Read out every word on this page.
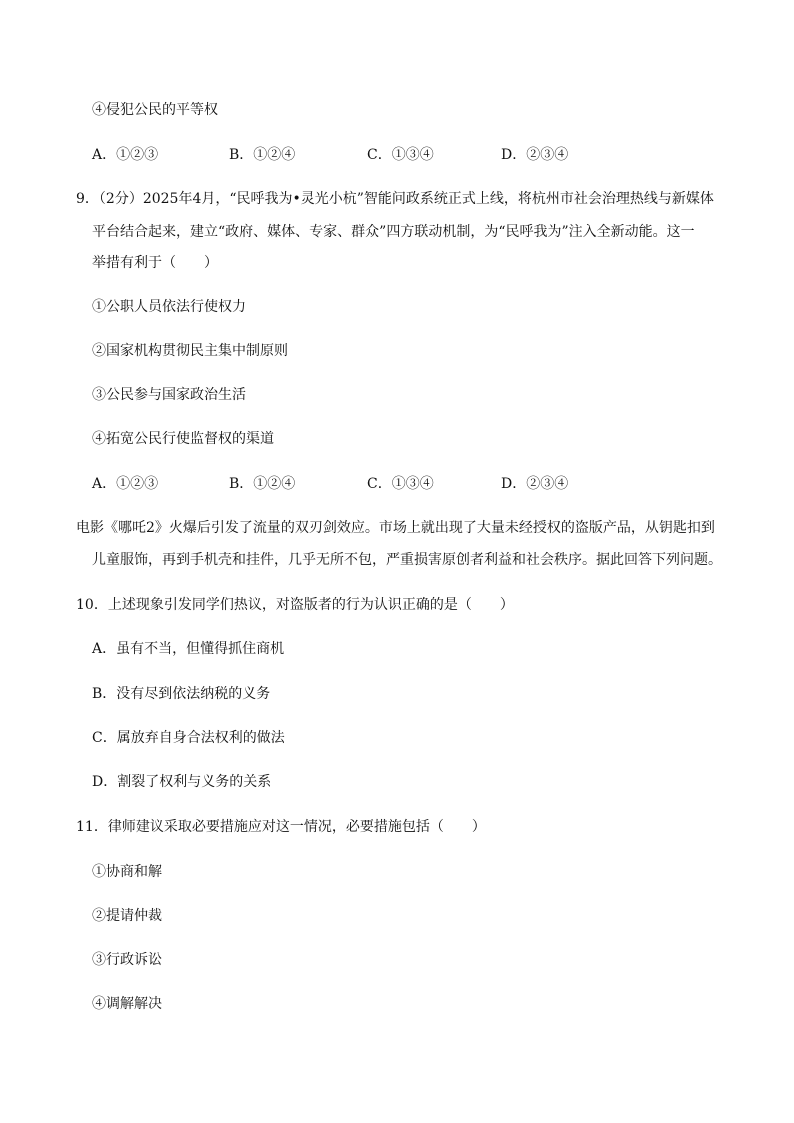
④侵犯公民的平等权
A．①②③	B．①②④	C．①③④	D．②③④
9．（2分）2025年4月，“民呼我为•灵光小杭”智能问政系统正式上线，将杭州市社会治理热线与新媒体
平台结合起来，建立“政府、媒体、专家、群众”四方联动机制，为“民呼我为”注入全新动能。这一
举措有利于（　　）
①公职人员依法行使权力
②国家机构贯彻民主集中制原则
③公民参与国家政治生活
④拓宽公民行使监督权的渠道
A．①②③	B．①②④	C．①③④	D．②③④
电影《哪吒2》火爆后引发了流量的双刃剑效应。市场上就出现了大量未经授权的盗版产品，从钥匙扣到
儿童服饰，再到手机壳和挂件，几乎无所不包，严重损害原创者利益和社会秩序。据此回答下列问题。
10．上述现象引发同学们热议，对盗版者的行为认识正确的是（　　）
A．虽有不当，但懂得抓住商机
B．没有尽到依法纳税的义务
C．属放弃自身合法权利的做法
D．割裂了权利与义务的关系
11．律师建议采取必要措施应对这一情况，必要措施包括（　　）
①协商和解
②提请仲裁
③行政诉讼
④调解解决
